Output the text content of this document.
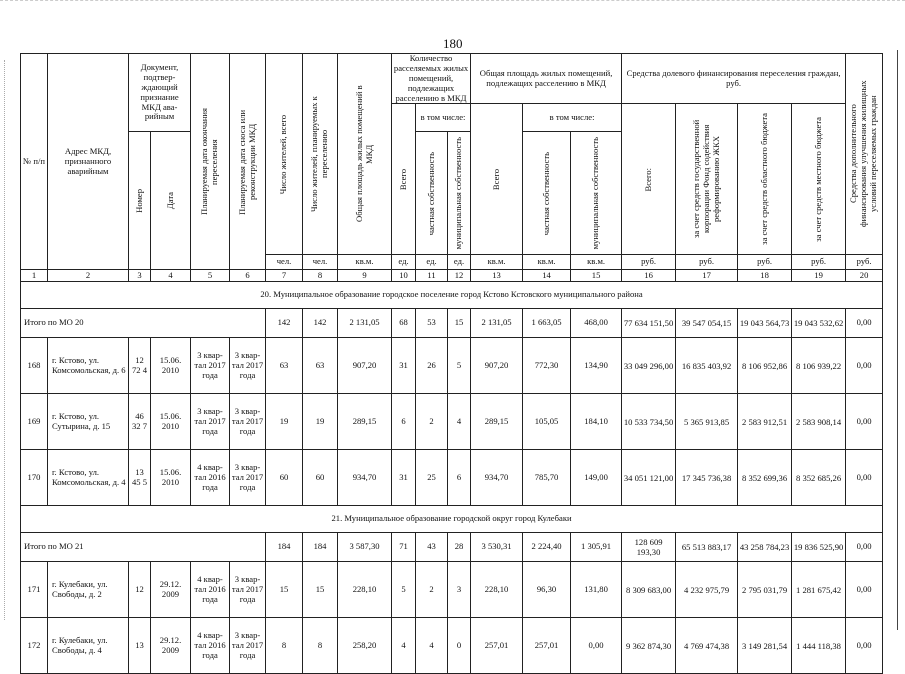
180
№ п/п	Адрес МКД, признанного аварийным	Документ, подтвер-ждающий признание МКД ава-рийным		Планируемая дата окончания переселения	Планируемая дата сноса или реконструкции МКД	Число жителей, всего	Число жителей, планируемых к переселению	Общая площадь жилых помещений в МКД	Количество расселяемых жилых помещений, подлежащих расселению в МКД			Общая площадь жилых помещений, подлежащих расселению в МКД			Средства долевого финансирования переселения граждан, руб.				Средства дополнительного финансирования улучшения жилищных условий переселяемых граждан

									Всего	в том числе:		Всего	в том числе:		Всего:	за счет средств государственной корпорации Фонд содействия реформированию ЖКХ	за счет средств областного бюджета	за счет средств местного бюджета	

		Номер	Дата							частная собственность	муниципальная собственность		частная собственность	муниципальная собственность					

						чел.	чел.	кв.м.	ед.	ед.	ед.	кв.м.	кв.м.	кв.м.	руб.	руб.	руб.	руб.	руб.
1	2	3	4	5	6	7	8	9	10	11	12	13	14	15	16	17	18	19	20
20. Муниципальное образование городское поселение город Кстово Кстовского муниципального района																			
Итого по МО 20						142	142	2 131,05	68	53	15	2 131,05	1 663,05	468,00	77 634 151,50	39 547 054,15	19 043 564,73	19 043 532,62	0,00
168	г. Кстово, ул. Комсомольская, д. 6	12 72 4	15.06. 2010	3 квар-тал 2017 года	3 квар-тал 2017 года	63	63	907,20	31	26	5	907,20	772,30	134,90	33 049 296,00	16 835 403,92	8 106 952,86	8 106 939,22	0,00
169	г. Кстово, ул. Сутырина, д. 15	46 32 7	15.06. 2010	3 квар-тал 2017 года	3 квар-тал 2017 года	19	19	289,15	6	2	4	289,15	105,05	184,10	10 533 734,50	5 365 913,85	2 583 912,51	2 583 908,14	0,00
170	г. Кстово, ул. Комсомольская, д. 4	13 45 5	15.06. 2010	4 квар-тал 2016 года	3 квар-тал 2017 года	60	60	934,70	31	25	6	934,70	785,70	149,00	34 051 121,00	17 345 736,38	8 352 699,36	8 352 685,26	0,00
21. Муниципальное образование городской округ город Кулебаки																			
Итого по МО 21						184	184	3 587,30	71	43	28	3 530,31	2 224,40	1 305,91	128 609 193,30	65 513 883,17	43 258 784,23	19 836 525,90	0,00
171	г. Кулебаки, ул. Свободы, д. 2	12	29.12. 2009	4 квар-тал 2016 года	3 квар-тал 2017 года	15	15	228,10	5	2	3	228,10	96,30	131,80	8 309 683,00	4 232 975,79	2 795 031,79	1 281 675,42	0,00
172	г. Кулебаки, ул. Свободы, д. 4	13	29.12. 2009	4 квар-тал 2016 года	3 квар-тал 2017 года	8	8	258,20	4	4	0	257,01	257,01	0,00	9 362 874,30	4 769 474,38	3 149 281,54	1 444 118,38	0,00
